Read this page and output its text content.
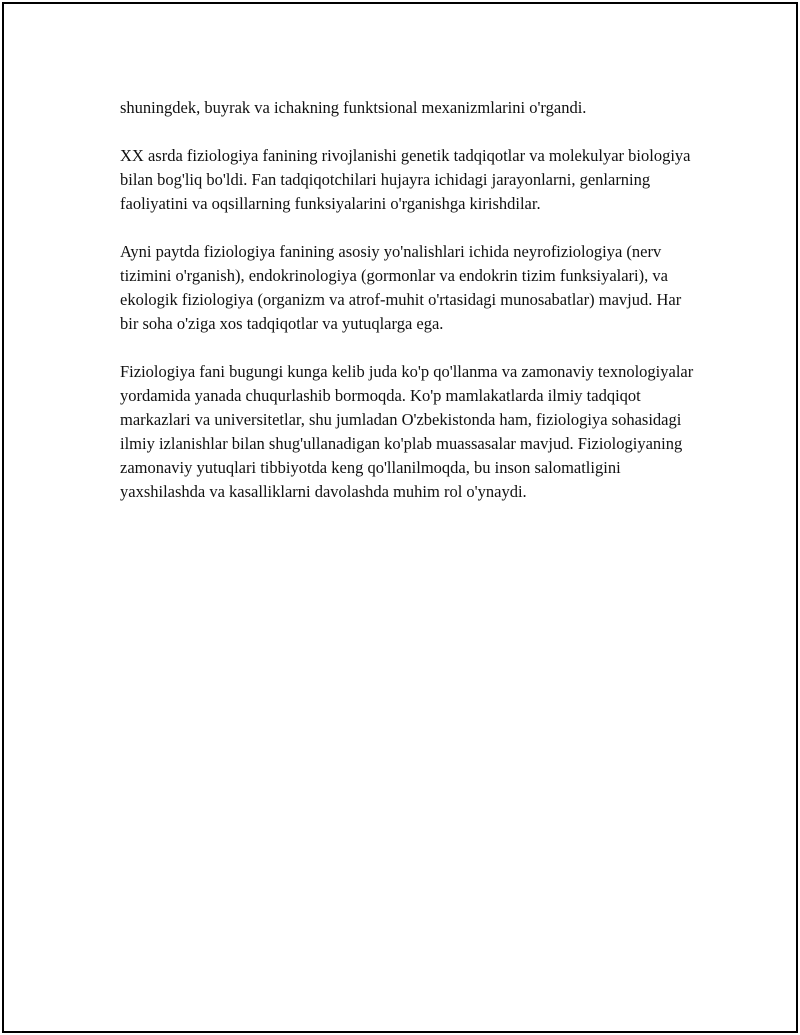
shuningdek, buyrak va ichakning funktsional mexanizmlarini o'rgandi.

XX asrda fiziologiya fanining rivojlanishi genetik tadqiqotlar va molekulyar biologiya bilan bog'liq bo'ldi. Fan tadqiqotchilari hujayra ichidagi jarayonlarni, genlarning faoliyatini va oqsillarning funksiyalarini o'rganishga kirishdilar.

Ayni paytda fiziologiya fanining asosiy yo'nalishlari ichida neyrofiziologiya (nerv tizimini o'rganish), endokrinologiya (gormonlar va endokrin tizim funksiyalari), va ekologik fiziologiya (organizm va atrof-muhit o'rtasidagi munosabatlar) mavjud. Har bir soha o'ziga xos tadqiqotlar va yutuqlarga ega.

Fiziologiya fani bugungi kunga kelib juda ko'p qo'llanma va zamonaviy texnologiyalar yordamida yanada chuqurlashib bormoqda. Ko'p mamlakatlarda ilmiy tadqiqot markazlari va universitetlar, shu jumladan O'zbekistonda ham, fiziologiya sohasidagi ilmiy izlanishlar bilan shug'ullanadigan ko'plab muassasalar mavjud. Fiziologiyaning zamonaviy yutuqlari tibbiyotda keng qo'llanilmoqda, bu inson salomatligini yaxshilashda va kasalliklarni davolashda muhim rol o'ynaydi.
